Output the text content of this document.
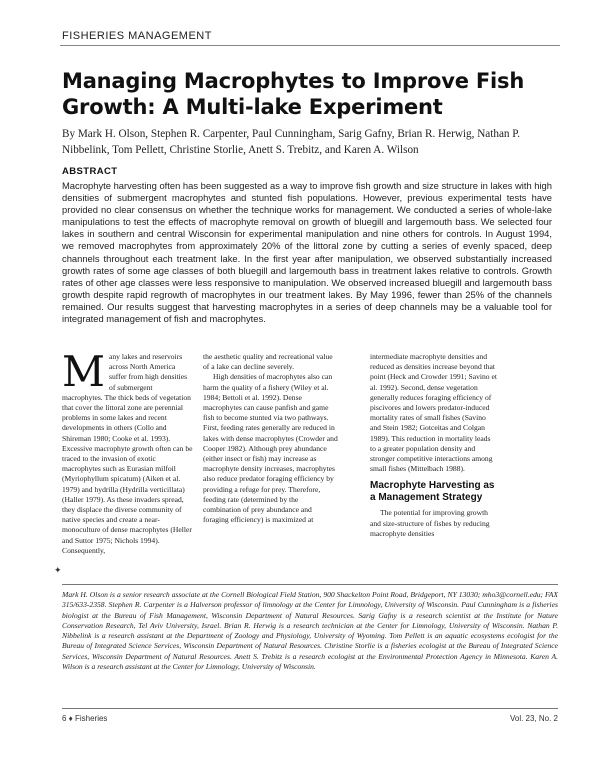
FISHERIES MANAGEMENT
Managing Macrophytes to Improve Fish Growth: A Multi-lake Experiment
By Mark H. Olson, Stephen R. Carpenter, Paul Cunningham, Sarig Gafny, Brian R. Herwig, Nathan P. Nibbelink, Tom Pellett, Christine Storlie, Anett S. Trebitz, and Karen A. Wilson
ABSTRACT
Macrophyte harvesting often has been suggested as a way to improve fish growth and size structure in lakes with high densities of submergent macrophytes and stunted fish populations. However, previous experimental tests have provided no clear consensus on whether the technique works for management. We conducted a series of whole-lake manipulations to test the effects of macrophyte removal on growth of bluegill and largemouth bass. We selected four lakes in southern and central Wisconsin for experimental manipulation and nine others for controls. In August 1994, we removed macrophytes from approximately 20% of the littoral zone by cutting a series of evenly spaced, deep channels throughout each treatment lake. In the first year after manipulation, we observed substantially increased growth rates of some age classes of both bluegill and largemouth bass in treatment lakes relative to controls. Growth rates of other age classes were less responsive to manipulation. We observed increased bluegill and largemouth bass growth despite rapid regrowth of macrophytes in our treatment lakes. By May 1996, fewer than 25% of the channels remained. Our results suggest that harvesting macrophytes in a series of deep channels may be a valuable tool for integrated management of fish and macrophytes.
M any lakes and reservoirs across North America suffer from high densities of submergent macrophytes. The thick beds of vegetation that cover the littoral zone are perennial problems in some lakes and recent developments in others (Collo and Shireman 1980; Cooke et al. 1993). Excessive macrophyte growth often can be traced to the invasion of exotic macrophytes such as Eurasian milfoil (Myriophyllum spicatum) (Aiken et al. 1979) and hydrilla (Hydrilla verticillata) (Haller 1979). As these invaders spread, they displace the diverse community of native species and create a near-monoculture of dense macrophytes (Heller and Suttor 1975; Nichols 1994). Consequently,

the aesthetic quality and recreational value of a lake can decline severely.

High densities of macrophytes also can harm the quality of a fishery (Wiley et al. 1984; Bettoli et al. 1992). Dense macrophytes can cause panfish and game fish to become stunted via two pathways. First, feeding rates generally are reduced in lakes with dense macrophytes (Crowder and Cooper 1982). Although prey abundance (either insect or fish) may increase as macrophyte density increases, macrophytes also reduce predator foraging efficiency by providing a refuge for prey. Therefore, feeding rate (determined by the combination of prey abundance and foraging efficiency) is maximized at

intermediate macrophyte densities and reduced as densities increase beyond that point (Heck and Crowder 1991; Savino et al. 1992). Second, dense vegetation generally reduces foraging efficiency of piscivores and lowers predator-induced mortality rates of small fishes (Savino and Stein 1982; Gotceitas and Colgan 1989). This reduction in mortality leads to a greater population density and stronger competitive interactions among small fishes (Mittelbach 1988).

Macrophyte Harvesting as a Management Strategy

The potential for improving growth and size-structure of fishes by reducing macrophyte densities

✦
Mark H. Olson is a senior research associate at the Cornell Biological Field Station, 900 Shackelton Point Road, Bridgeport, NY 13030; mho3@cornell.edu; FAX 315/633-2358. Stephen R. Carpenter is a Halverson professor of limnology at the Center for Limnology, University of Wisconsin. Paul Cunningham is a fisheries biologist at the Bureau of Fish Management, Wisconsin Department of Natural Resources. Sarig Gafny is a research scientist at the Institute for Nature Conservation Research, Tel Aviv University, Israel. Brian R. Herwig is a research technician at the Center for Limnology, University of Wisconsin. Nathan P. Nibbelink is a research assistant at the Department of Zoology and Physiology, University of Wyoming. Tom Pellett is an aquatic ecosystems ecologist for the Bureau of Integrated Science Services, Wisconsin Department of Natural Resources. Christine Storlie is a fisheries ecologist at the Bureau of Integrated Science Services, Wisconsin Department of Natural Resources. Anett S. Trebitz is a research ecologist at the Environmental Protection Agency in Minnesota. Karen A. Wilson is a research assistant at the Center for Limnology, University of Wisconsin.
6 ♦ Fisheries	Vol. 23, No. 2
